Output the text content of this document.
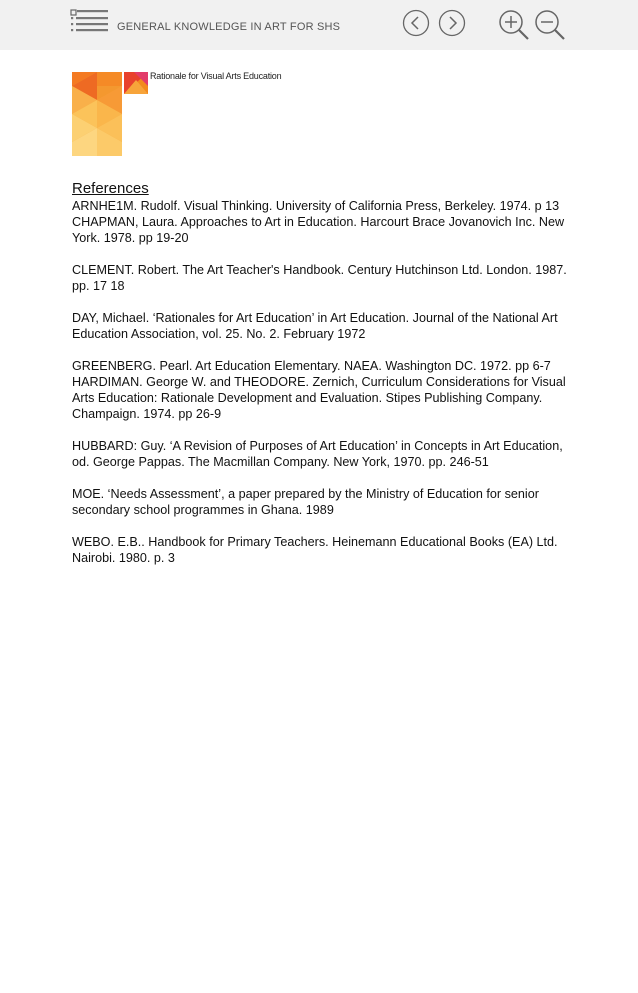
GENERAL KNOWLEDGE IN ART FOR SHS
Rationale for Visual Arts Education
References
ARNHE1M. Rudolf. Visual Thinking. University of California Press, Berkeley. 1974. p 13 CHAPMAN, Laura. Approaches to Art in Education. Harcourt Brace Jovanovich Inc. New York. 1978. pp 19-20
CLEMENT. Robert. The Art Teacher's Handbook. Century Hutchinson Ltd. London. 1987. pp. 17 18
DAY, Michael. ‘Rationales for Art Education’ in Art Education. Journal of the National Art Education Association, vol. 25. No. 2. February 1972
GREENBERG. Pearl. Art Education Elementary. NAEA. Washington DC. 1972. pp 6-7
HARDIMAN. George W. and THEODORE. Zernich, Curriculum Considerations for Visual Arts Education: Rationale Development and Evaluation. Stipes Publishing Company. Champaign. 1974. pp 26-9
HUBBARD: Guy. ‘A Revision of Purposes of Art Education’ in Concepts in Art Education, od. George Pappas. The Macmillan Company. New York, 1970. pp. 246-51
MOE. ‘Needs Assessment’, a paper prepared by the Ministry of Education for senior secondary school programmes in Ghana. 1989
WEBO. E.B.. Handbook for Primary Teachers. Heinemann Educational Books (EA) Ltd. Nairobi. 1980. p. 3
